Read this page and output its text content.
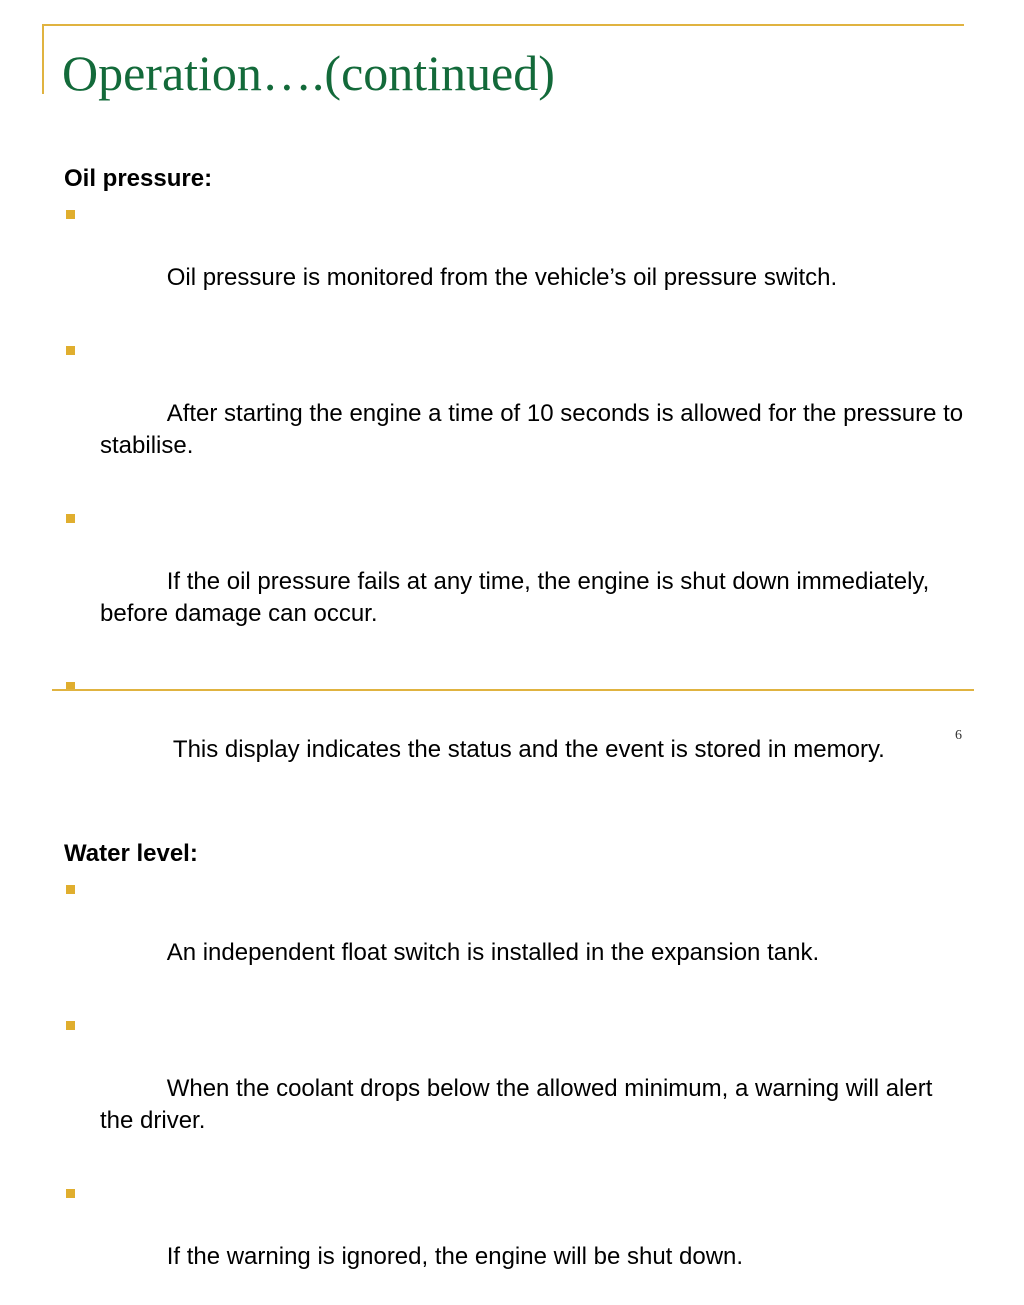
Operation….(continued)
Oil pressure:

Oil pressure is monitored from the vehicle’s oil pressure switch.

After starting the engine a time of 10 seconds is allowed for the pressure to stabilise.

If the oil pressure fails at any time, the engine is shut down immediately, before damage can occur.

This display indicates the status and the event is stored in memory.

Water level:

An independent float switch is installed in the expansion tank.

When the coolant drops below the allowed minimum, a warning will alert the driver.

If the warning is ignored, the engine will be shut down.

6
